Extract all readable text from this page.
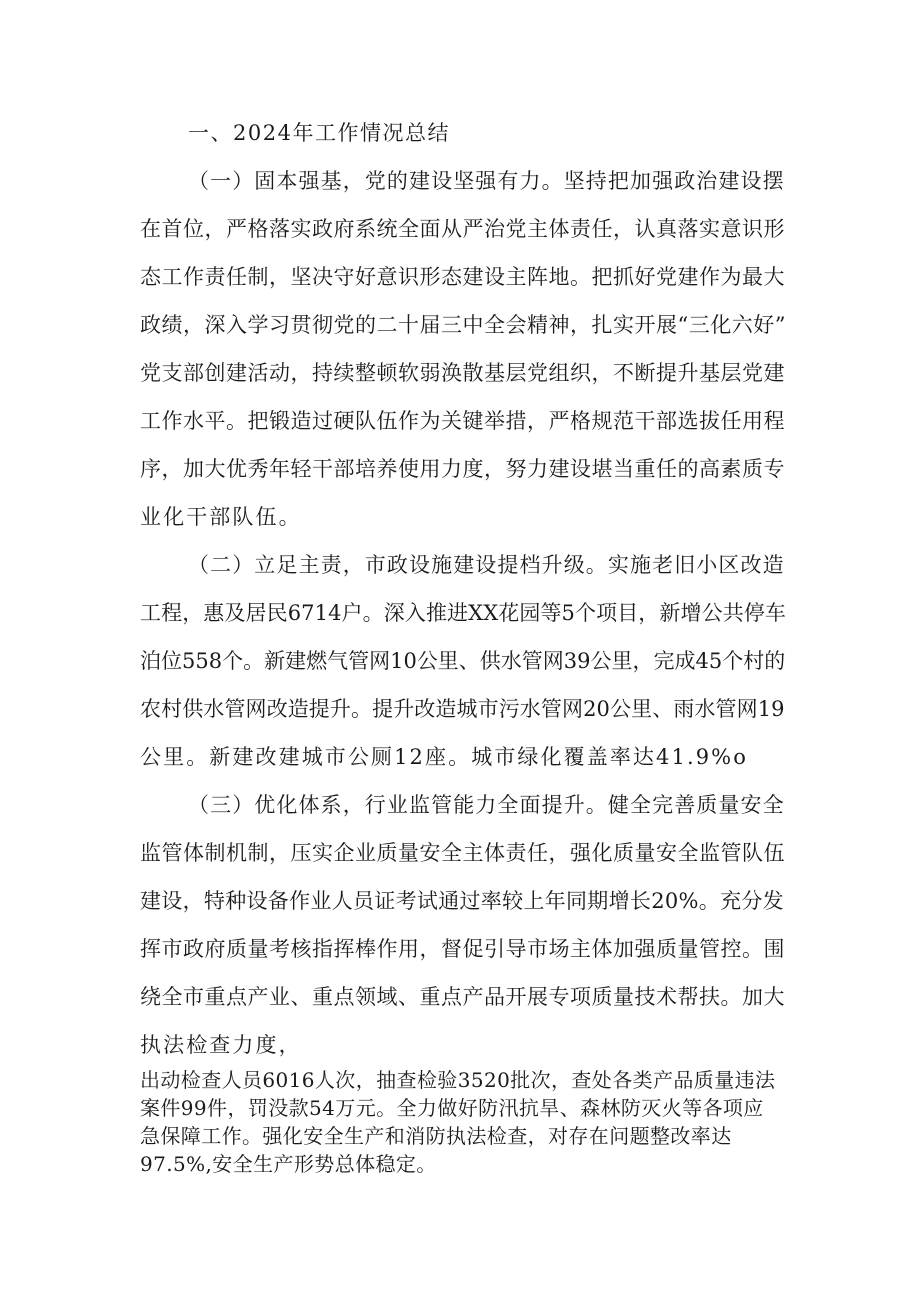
一、2024年工作情况总结
（一）固本强基，党的建设坚强有力。坚持把加强政治建设摆
在首位，严格落实政府系统全面从严治党主体责任，认真落实意识形
态工作责任制，坚决守好意识形态建设主阵地。把抓好党建作为最大
政绩，深入学习贯彻党的二十届三中全会精神，扎实开展“三化六好”
党支部创建活动，持续整顿软弱涣散基层党组织，不断提升基层党建
工作水平。把锻造过硬队伍作为关键举措，严格规范干部选拔任用程
序，加大优秀年轻干部培养使用力度，努力建设堪当重任的高素质专
业化干部队伍。
（二）立足主责，市政设施建设提档升级。实施老旧小区改造
工程，惠及居民6714户。深入推进XX花园等5个项目，新增公共停车
泊位558个。新建燃气管网10公里、供水管网39公里，完成45个村的
农村供水管网改造提升。提升改造城市污水管网20公里、雨水管网19
公里。新建改建城市公厕12座。城市绿化覆盖率达41.9%o
（三）优化体系，行业监管能力全面提升。健全完善质量安全
监管体制机制，压实企业质量安全主体责任，强化质量安全监管队伍
建设，特种设备作业人员证考试通过率较上年同期增长20%。充分发
挥市政府质量考核指挥棒作用，督促引导市场主体加强质量管控。围
绕全市重点产业、重点领域、重点产品开展专项质量技术帮扶。加大
执法检查力度，
出动检查人员6016人次，抽查检验3520批次，查处各类产品质量违法
案件99件，罚没款54万元。全力做好防汛抗旱、森林防灭火等各项应
急保障工作。强化安全生产和消防执法检查，对存在问题整改率达
97.5%,安全生产形势总体稳定。
